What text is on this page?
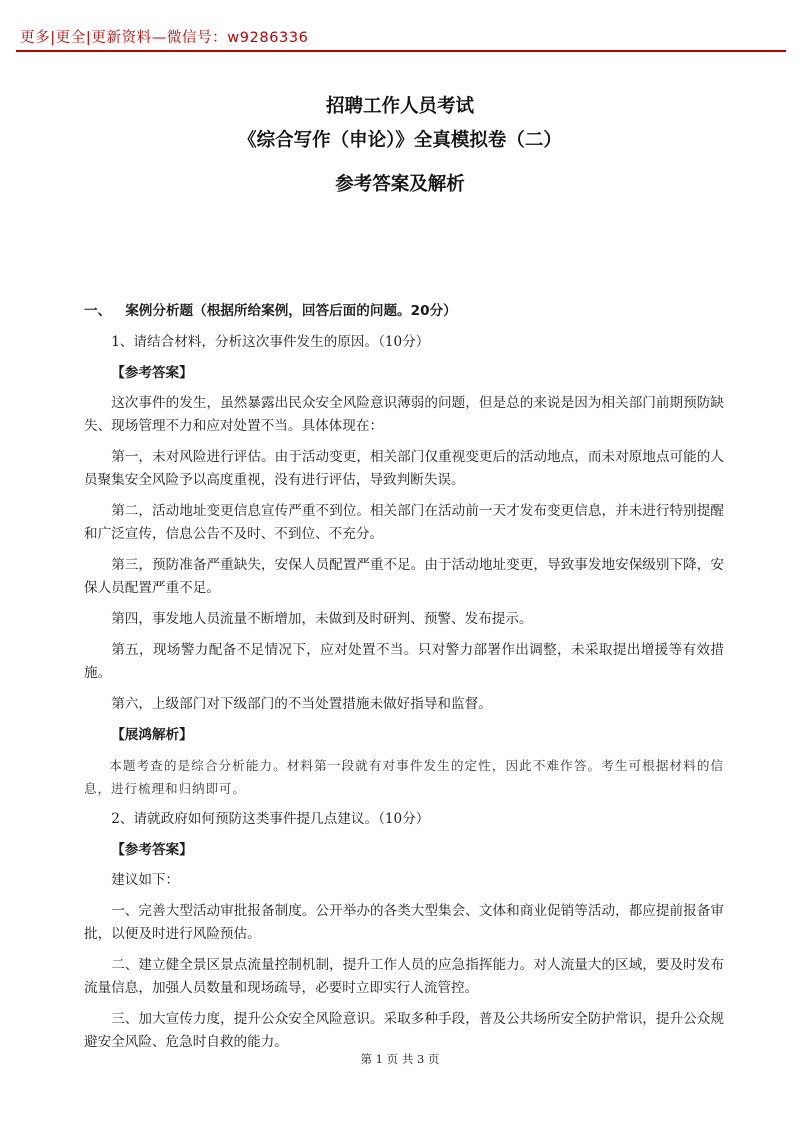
更多|更全|更新资料—微信号：w9286336
招聘工作人员考试
《综合写作（申论）》全真模拟卷（二）
参考答案及解析
一、 案例分析题（根据所给案例，回答后面的问题。20分）
1、请结合材料，分析这次事件发生的原因。（10分）
【参考答案】
这次事件的发生，虽然暴露出民众安全风险意识薄弱的问题，但是总的来说是因为相关部门前期预防缺失、现场管理不力和应对处置不当。具体体现在：
第一，未对风险进行评估。由于活动变更，相关部门仅重视变更后的活动地点，而未对原地点可能的人员聚集安全风险予以高度重视，没有进行评估，导致判断失误。
第二，活动地址变更信息宣传严重不到位。相关部门在活动前一天才发布变更信息，并未进行特别提醒和广泛宣传，信息公告不及时、不到位、不充分。
第三，预防准备严重缺失，安保人员配置严重不足。由于活动地址变更，导致事发地安保级别下降，安保人员配置严重不足。
第四，事发地人员流量不断增加，未做到及时研判、预警、发布提示。
第五，现场警力配备不足情况下，应对处置不当。只对警力部署作出调整，未采取提出增援等有效措施。
第六，上级部门对下级部门的不当处置措施未做好指导和监督。
【展鸿解析】
本题考查的是综合分析能力。材料第一段就有对事件发生的定性，因此不难作答。考生可根据材料的信息，进行梳理和归纳即可。
2、请就政府如何预防这类事件提几点建议。（10分）
【参考答案】
建议如下：
一、完善大型活动审批报备制度。公开举办的各类大型集会、文体和商业促销等活动，都应提前报备审批，以便及时进行风险预估。
二、建立健全景区景点流量控制机制，提升工作人员的应急指挥能力。对人流量大的区域，要及时发布流量信息，加强人员数量和现场疏导，必要时立即实行人流管控。
三、加大宣传力度，提升公众安全风险意识。采取多种手段，普及公共场所安全防护常识，提升公众规避安全风险、危急时自救的能力。
第 1 页 共 3 页
